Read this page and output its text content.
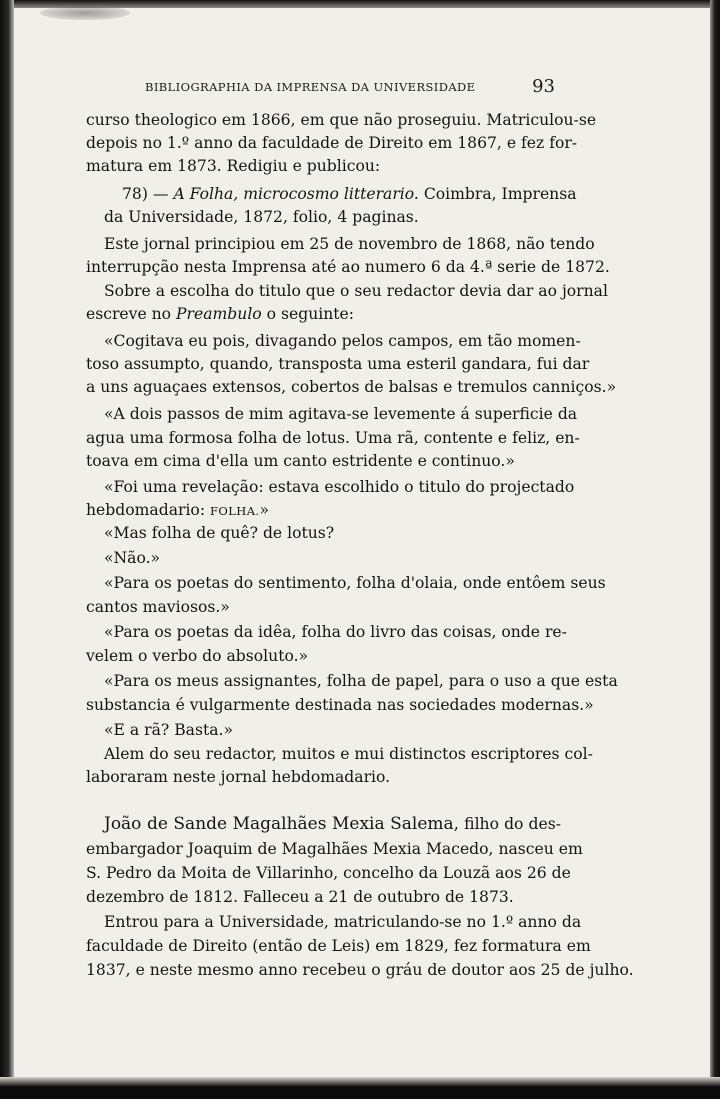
BIBLIOGRAPHIA DA IMPRENSA DA UNIVERSIDADE	93
curso theologico em 1866, em que não proseguiu. Matriculou-se
depois no 1.º anno da faculdade de Direito em 1867, e fez for-
matura em 1873. Redigiu e publicou:
78) — A Folha, microcosmo litterario. Coimbra, Imprensa
da Universidade, 1872, folio, 4 paginas.
Este jornal principiou em 25 de novembro de 1868, não tendo
interrupção nesta Imprensa até ao numero 6 da 4.ª serie de 1872.
Sobre a escolha do titulo que o seu redactor devia dar ao jornal
escreve no Preambulo o seguinte:
«Cogitava eu pois, divagando pelos campos, em tão momen-
toso assumpto, quando, transposta uma esteril gandara, fui dar
a uns aguaçaes extensos, cobertos de balsas e tremulos canniços.»
«A dois passos de mim agitava-se levemente á superficie da
agua uma formosa folha de lotus. Uma rã, contente e feliz, en-
toava em cima d'ella um canto estridente e continuo.»
«Foi uma revelação: estava escolhido o titulo do projectado
hebdomadario: FOLHA.»
«Mas folha de quê? de lotus?
«Não.»
«Para os poetas do sentimento, folha d'olaia, onde entôem seus
cantos maviosos.»
«Para os poetas da idêa, folha do livro das coisas, onde re-
velem o verbo do absoluto.»
«Para os meus assignantes, folha de papel, para o uso a que esta
substancia é vulgarmente destinada nas sociedades modernas.»
«E a rã? Basta.»
Alem do seu redactor, muitos e mui distinctos escriptores col-
laboraram neste jornal hebdomadario.
João de Sande Magalhães Mexia Salema, filho do des-
embargador Joaquim de Magalhães Mexia Macedo, nasceu em
S. Pedro da Moita de Villarinho, concelho da Louzã aos 26 de
dezembro de 1812. Falleceu a 21 de outubro de 1873.
Entrou para a Universidade, matriculando-se no 1.º anno da
faculdade de Direito (então de Leis) em 1829, fez formatura em
1837, e neste mesmo anno recebeu o gráu de doutor aos 25 de julho.
